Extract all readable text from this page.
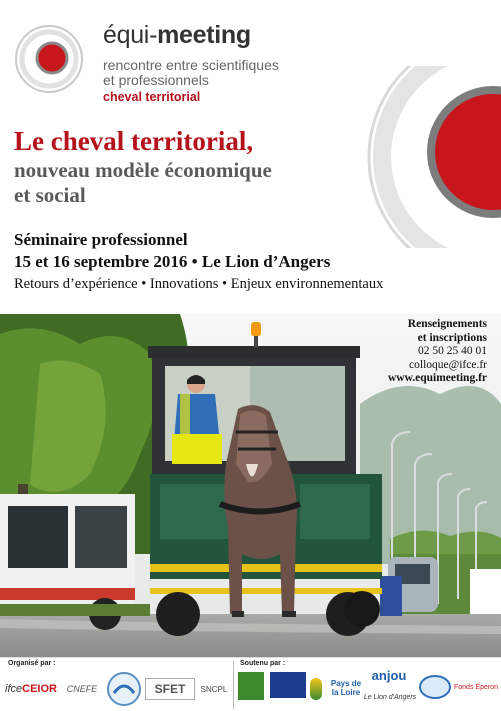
équi-meeting
rencontre entre scientifiques
et professionnels
cheval territorial
Le cheval territorial,
nouveau modèle économique
et social
Séminaire professionnel
15 et 16 septembre 2016 • Le Lion d’Angers
Retours d’expérience • Innovations • Enjeux environnementaux
Renseignements
et inscriptions
02 50 25 40 01
colloque@ifce.fr
www.equimeeting.fr
Organisé par :	Soutenu par :
ifce CEIOR CNEFE	SFET SNCPL
Pays de la Loire
anjou
Le Lion d'Angers
Fonds Éperon
